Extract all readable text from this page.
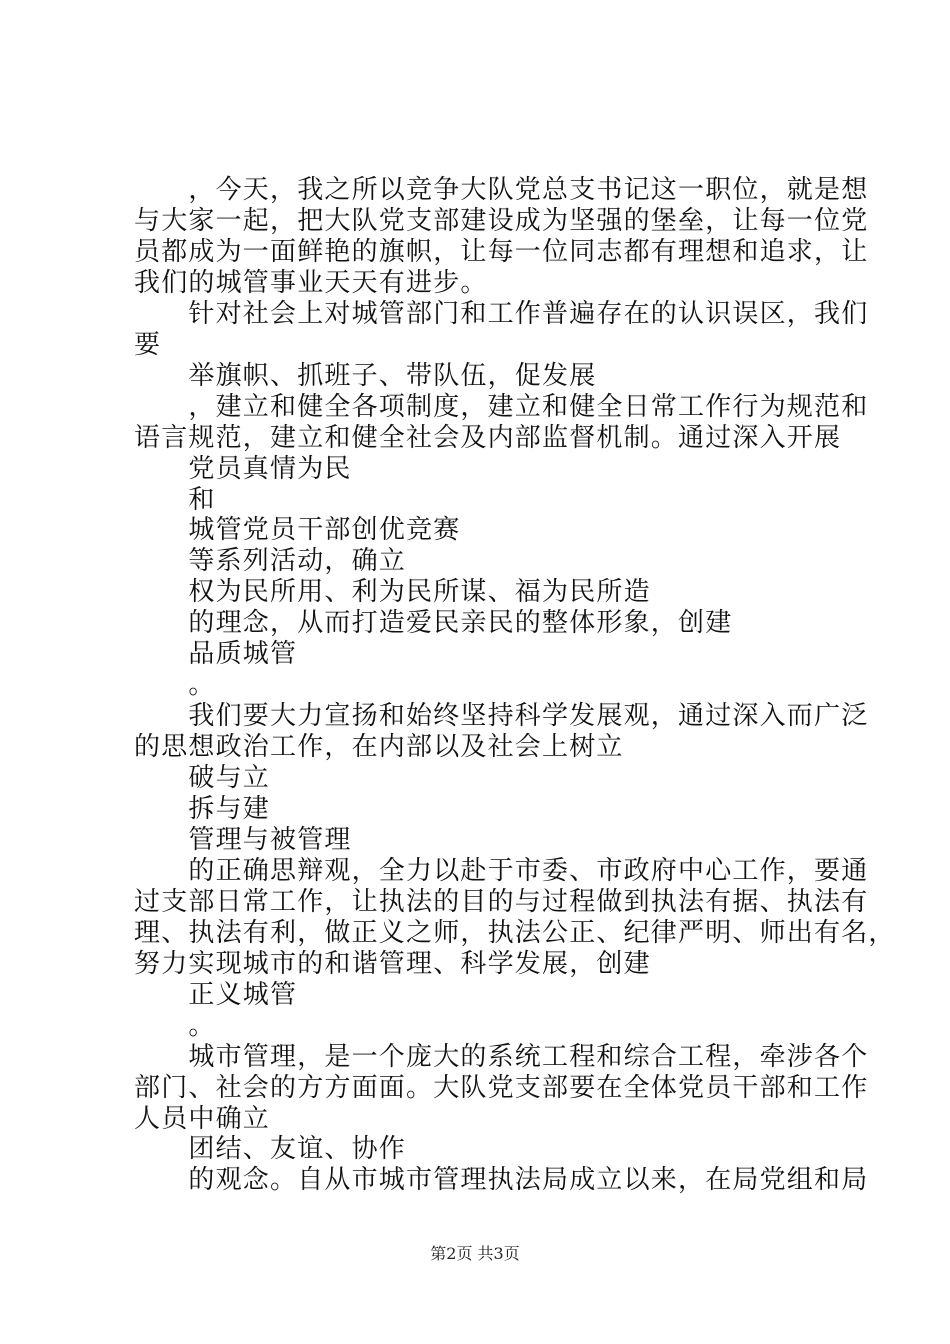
　　，今天，我之所以竞争大队党总支书记这一职位，就是想
与大家一起，把大队党支部建设成为坚强的堡垒，让每一位党
员都成为一面鲜艳的旗帜，让每一位同志都有理想和追求，让
我们的城管事业天天有进步。
　　针对社会上对城管部门和工作普遍存在的认识误区，我们
要
　　举旗帜、抓班子、带队伍，促发展
　　，建立和健全各项制度，建立和健全日常工作行为规范和
语言规范，建立和健全社会及内部监督机制。通过深入开展
　　党员真情为民
　　和
　　城管党员干部创优竞赛
　　等系列活动，确立
　　权为民所用、利为民所谋、福为民所造
　　的理念，从而打造爱民亲民的整体形象，创建
　　品质城管
　　。
　　我们要大力宣扬和始终坚持科学发展观，通过深入而广泛
的思想政治工作，在内部以及社会上树立
　　破与立
　　拆与建
　　管理与被管理
　　的正确思辩观，全力以赴于市委、市政府中心工作，要通
过支部日常工作，让执法的目的与过程做到执法有据、执法有
理、执法有利，做正义之师，执法公正、纪律严明、师出有名，
努力实现城市的和谐管理、科学发展，创建
　　正义城管
　　。
　　城市管理，是一个庞大的系统工程和综合工程，牵涉各个
部门、社会的方方面面。大队党支部要在全体党员干部和工作
人员中确立
　　团结、友谊、协作
　　的观念。自从市城市管理执法局成立以来，在局党组和局
第2页 共3页
